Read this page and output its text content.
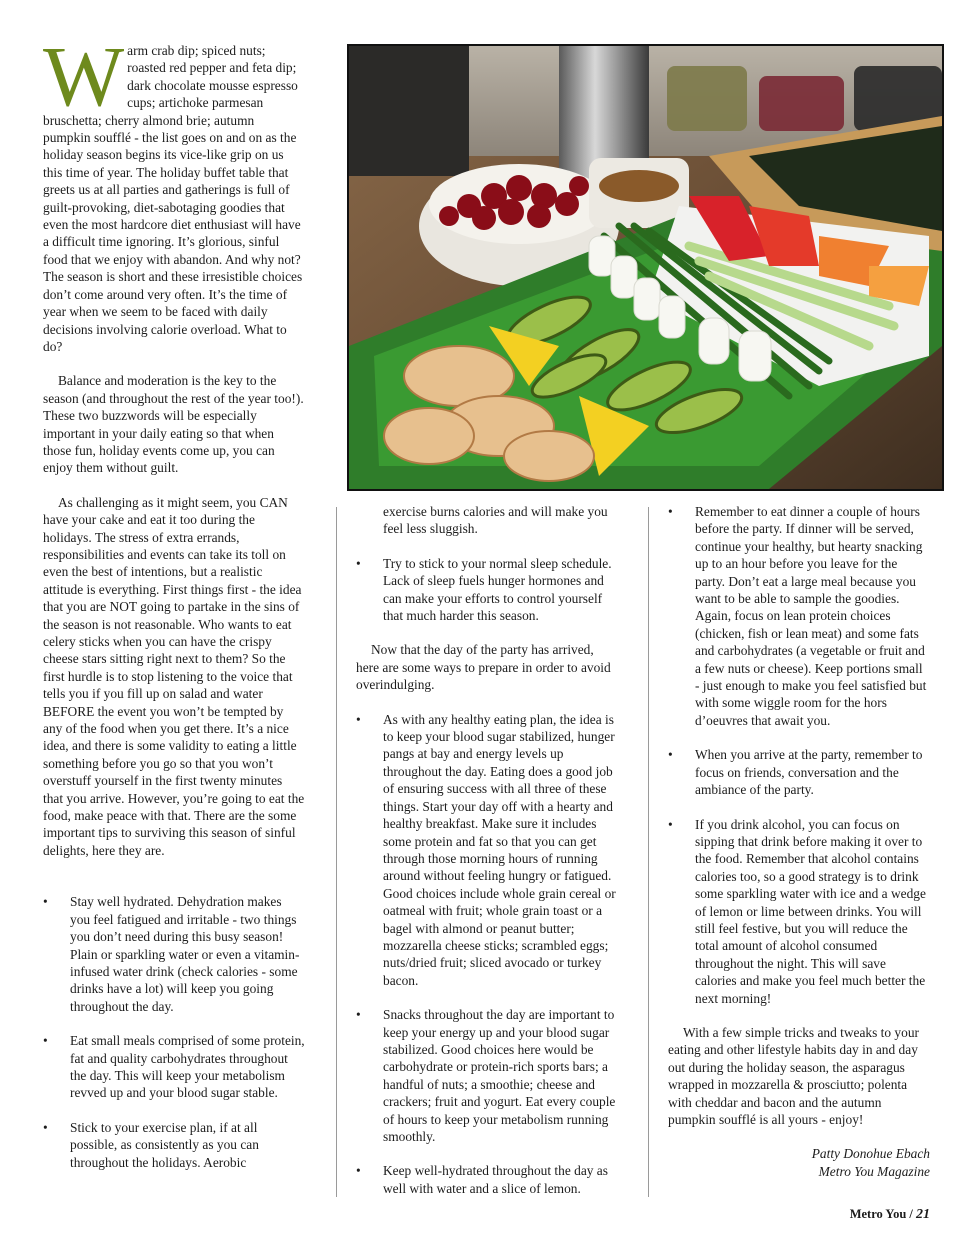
W arm crab dip; spiced nuts; roasted red pepper and feta dip; dark chocolate mousse espresso cups; artichoke parmesan bruschetta; cherry almond brie; autumn pumpkin soufflé - the list goes on and on as the holiday season begins its vice-like grip on us this time of year. The holiday buffet table that greets us at all parties and gatherings is full of guilt-provoking, diet-sabotaging goodies that even the most hardcore diet enthusiast will have a difficult time ignoring. It’s glorious, sinful food that we enjoy with abandon. And why not? The season is short and these irresistible choices don’t come around very often. It’s the time of year when we seem to be faced with daily decisions involving calorie overload. What to do?

Balance and moderation is the key to the season (and throughout the rest of the year too!). These two buzzwords will be especially important in your daily eating so that when those fun, holiday events come up, you can enjoy them without guilt.

As challenging as it might seem, you CAN have your cake and eat it too during the holidays. The stress of extra errands, responsibilities and events can take its toll on even the best of intentions, but a realistic attitude is everything. First things first - the idea that you are NOT going to partake in the sins of the season is not reasonable. Who wants to eat celery sticks when you can have the crispy cheese stars sitting right next to them? So the first hurdle is to stop listening to the voice that tells you if you fill up on salad and water BEFORE the event you won’t be tempted by any of the food when you get there. It’s a nice idea, and there is some validity to eating a little something before you go so that you won’t overstuff yourself in the first twenty minutes that you arrive. However, you’re going to eat the food, make peace with that. There are the some important tips to surviving this season of sinful delights, here they are.

•	Stay well hydrated. Dehydration makes you feel fatigued and irritable - two things you don’t need during this busy season! Plain or sparkling water or even a vitamin-infused water drink (check calories - some drinks have a lot) will keep you going throughout the day.

•	Eat small meals comprised of some protein, fat and quality carbohydrates throughout the day. This will keep your metabolism revved up and your blood sugar stable.

•	Stick to your exercise plan, if at all possible, as consistently as you can throughout the holidays. Aerobic

exercise burns calories and will make you feel less sluggish.

•	Try to stick to your normal sleep schedule. Lack of sleep fuels hunger hormones and can make your efforts to control yourself that much harder this season.

Now that the day of the party has arrived, here are some ways to prepare in order to avoid overindulging.

•	As with any healthy eating plan, the idea is to keep your blood sugar stabilized, hunger pangs at bay and energy levels up throughout the day. Eating does a good job of ensuring success with all three of these things. Start your day off with a hearty and healthy breakfast. Make sure it includes some protein and fat so that you can get through those morning hours of running around without feeling hungry or fatigued. Good choices include whole grain cereal or oatmeal with fruit; whole grain toast or a bagel with almond or peanut butter; mozzarella cheese sticks; scrambled eggs; nuts/dried fruit; sliced avocado or turkey bacon.

•	Snacks throughout the day are important to keep your energy up and your blood sugar stabilized. Good choices here would be carbohydrate or protein-rich sports bars; a handful of nuts; a smoothie; cheese and crackers; fruit and yogurt. Eat every couple of hours to keep your metabolism running smoothly.

•	Keep well-hydrated throughout the day as well with water and a slice of lemon.

•	Remember to eat dinner a couple of hours before the party. If dinner will be served, continue your healthy, but hearty snacking up to an hour before you leave for the party. Don’t eat a large meal because you want to be able to sample the goodies. Again, focus on lean protein choices (chicken, fish or lean meat) and some fats and carbohydrates (a vegetable or fruit and a few nuts or cheese). Keep portions small - just enough to make you feel satisfied but with some wiggle room for the hors d’oeuvres that await you.

•	When you arrive at the party, remember to focus on friends, conversation and the ambiance of the party.

•	If you drink alcohol, you can focus on sipping that drink before making it over to the food. Remember that alcohol contains calories too, so a good strategy is to drink some sparkling water with ice and a wedge of lemon or lime between drinks. You will still feel festive, but you will reduce the total amount of alcohol consumed throughout the night. This will save calories and make you feel much better the next morning!

With a few simple tricks and tweaks to your eating and other lifestyle habits day in and day out during the holiday season, the asparagus wrapped in mozzarella & prosciutto; polenta with cheddar and bacon and the autumn pumpkin soufflé is all yours - enjoy!

Patty Donohue Ebach

Metro You Magazine

Metro You / 21
